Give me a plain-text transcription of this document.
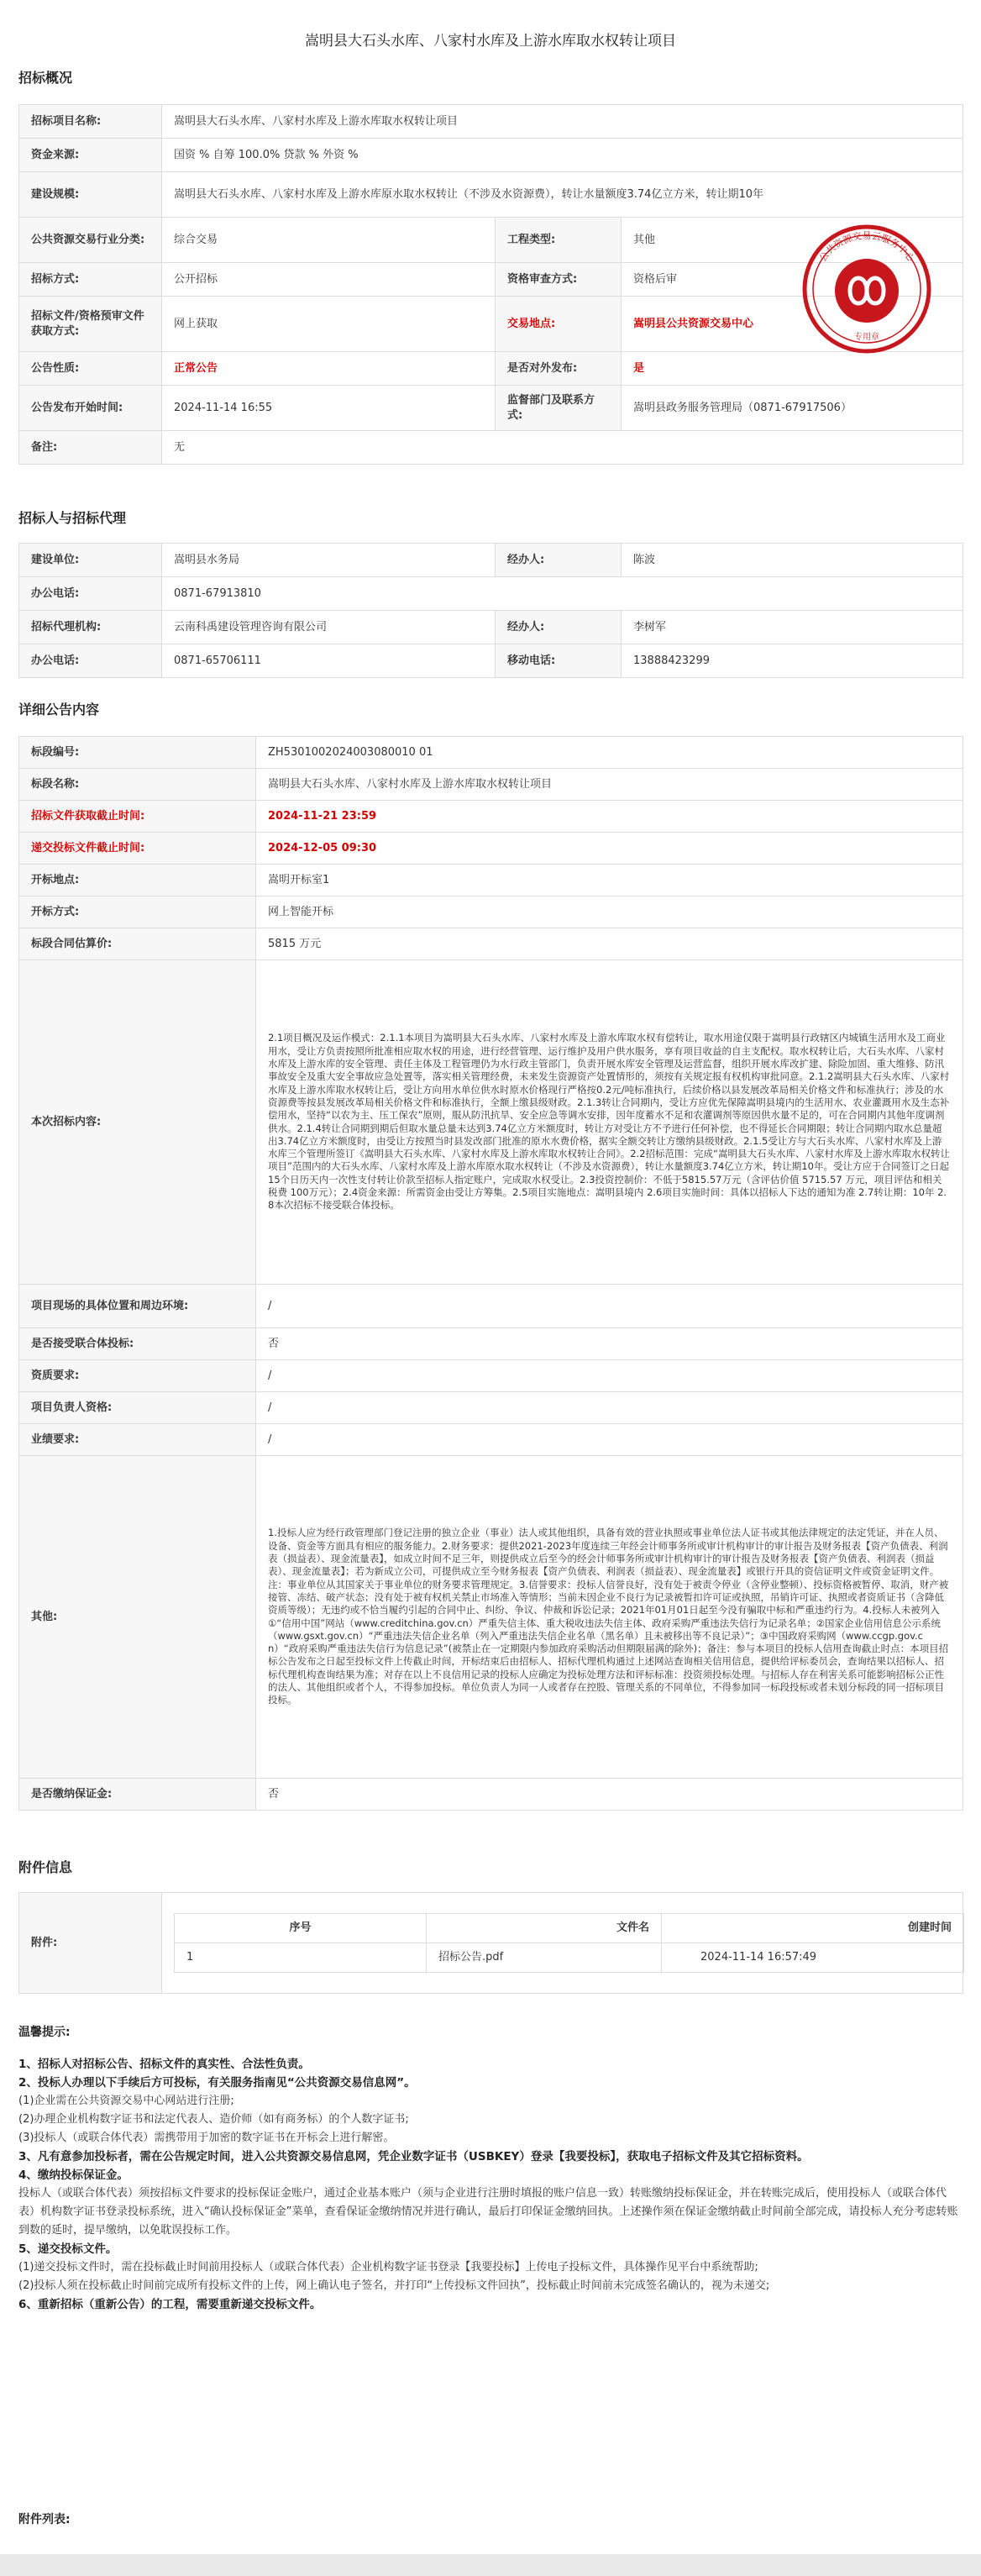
嵩明县大石头水库、八家村水库及上游水库取水权转让项目
招标概况
招标项目名称:	嵩明县大石头水库、八家村水库及上游水库取水权转让项目		
资金来源:	国资 % 自筹 100.0% 贷款 % 外资 %		
建设规模:	嵩明县大石头水库、八家村水库及上游水库原水取水权转让（不涉及水资源费），转让水量额度3.74亿立方米，转让期10年		
公共资源交易行业分类:	综合交易	工程类型:	其他
招标方式:	公开招标	资格审查方式:	资格后审
招标文件/资格预审文件获取方式:	网上获取	交易地点:	嵩明县公共资源交易中心
公告性质:	正常公告	是否对外发布:	是
公告发布开始时间:	2024-11-14 16:55	监督部门及联系方式:	嵩明县政务服务管理局（0871-67917506）
备注:	无		
招标人与招标代理
建设单位:	嵩明县水务局	经办人:	陈波
办公电话:	0871-67913810		
招标代理机构:	云南科禹建设管理咨询有限公司	经办人:	李树军
办公电话:	0871-65706111	移动电话:	13888423299
详细公告内容
标段编号:	ZH5301002024003080010 01
标段名称:	嵩明县大石头水库、八家村水库及上游水库取水权转让项目
招标文件获取截止时间:	2024-11-21 23:59
递交投标文件截止时间:	2024-12-05 09:30
开标地点:	嵩明开标室1
开标方式:	网上智能开标
标段合同估算价:	5815 万元
本次招标内容:	2.1项目概况及运作模式：2.1.1本项目为嵩明县大石头水库、八家村水库及上游水库取水权有偿转让，取水用途仅限于嵩明县行政辖区内城镇生活用水及工商业用水，受让方负责按照所批准相应取水权的用途，进行经营管理、运行维护及用户供水服务，享有项目收益的自主支配权。取水权转让后，大石头水库、八家村水库及上游水库的安全管理、责任主体及工程管理仍为水行政主管部门，负责开展水库安全管理及运营监督，组织开展水库改扩建、除险加固、重大维修、防汛事故安全及重大安全事故应急处置等，落实相关管理经费，未来发生资源资产处置情形的，须按有关规定报有权机构审批同意。2.1.2嵩明县大石头水库、八家村水库及上游水库取水权转让后，受让方向用水单位供水时原水价格现行严格按0.2元/吨标准执行，后续价格以县发展改革局相关价格文件和标准执行；涉及的水资源费等按县发展改革局相关价格文件和标准执行，全额上缴县级财政。2.1.3转让合同期内，受让方应优先保障嵩明县境内的生活用水、农业灌溉用水及生态补偿用水，坚持“以农为主、压工保农”原则，服从防汛抗旱、安全应急等调水安排，因年度蓄水不足和农灌调剂等原因供水量不足的，可在合同期内其他年度调剂供水。2.1.4转让合同期到期后但取水量总量未达到3.74亿立方米额度时，转让方对受让方不予进行任何补偿，也不得延长合同期限；转让合同期内取水总量超出3.74亿立方米额度时，由受让方按照当时县发改部门批准的原水水费价格，据实全额交转让方缴纳县级财政。2.1.5受让方与大石头水库、八家村水库及上游水库三个管理所签订《嵩明县大石头水库、八家村水库及上游水库取水权转让合同》。2.2招标范围：完成“嵩明县大石头水库、八家村水库及上游水库取水权转让项目”范围内的大石头水库、八家村水库及上游水库原水取水权转让（不涉及水资源费），转让水量额度3.74亿立方米，转让期10年。受让方应于合同签订之日起15个日历天内一次性支付转让价款至招标人指定账户，完成取水权受让。2.3投资控制价：不低于5815.57万元（含评估价值 5715.57 万元，项目评估和相关税费 100万元）；2.4资金来源：所需资金由受让方筹集。2.5项目实施地点：嵩明县境内 2.6项目实施时间：具体以招标人下达的通知为准 2.7转让期：10年 2.8本次招标不接受联合体投标。
项目现场的具体位置和周边环境:	/
是否接受联合体投标:	否
资质要求:	/
项目负责人资格:	/
业绩要求:	/
其他:	1.投标人应为经行政管理部门登记注册的独立企业（事业）法人或其他组织，具备有效的营业执照或事业单位法人证书或其他法律规定的法定凭证，并在人员、设备、资金等方面具有相应的服务能力。2.财务要求：提供2021-2023年度连续三年经会计师事务所或审计机构审计的审计报告及财务报表【资产负债表、利润表（损益表）、现金流量表】，如成立时间不足三年，则提供成立后至今的经会计师事务所或审计机构审计的审计报告及财务报表【资产负债表、利润表（损益表）、现金流量表】；若为新成立公司，可提供成立至今财务报表【资产负债表、利润表（损益表）、现金流量表】或银行开具的资信证明文件或资金证明文件。注：事业单位从其国家关于事业单位的财务要求管理规定。3.信誉要求：投标人信誉良好，没有处于被责令停业（含停业整顿）、投标资格被暂停、取消，财产被接管、冻结、破产状态；没有处于被有权机关禁止市场准入等情形；当前未因企业不良行为记录被暂扣许可证或执照，吊销许可证、执照或者资质证书（含降低资质等级）；无违约或不恰当履约引起的合同中止、纠纷、争议、仲裁和诉讼记录；2021年01月01日起至今没有骗取中标和严重违约行为。4.投标人未被列入①“信用中国”网站（www.creditchina.gov.cn）严重失信主体、重大税收违法失信主体、政府采购严重违法失信行为记录名单；②国家企业信用信息公示系统（www.gsxt.gov.cn）“严重违法失信企业名单（列入严重违法失信企业名单（黑名单）且未被移出等不良记录）”；③中国政府采购网（www.ccgp.gov.cn）“政府采购严重违法失信行为信息记录”(被禁止在一定期限内参加政府采购活动但期限届满的除外)；备注：参与本项目的投标人信用查询截止时点：本项目招标公告发布之日起至投标文件上传截止时间，开标结束后由招标人、招标代理机构通过上述网站查询相关信用信息，提供给评标委员会，查询结果以招标人、招标代理机构查询结果为准；对存在以上不良信用记录的投标人应确定为投标处理方法和评标标准：投资须投标处理。与招标人存在利害关系可能影响招标公正性的法人、其他组织或者个人，不得参加投标。单位负责人为同一人或者存在控股、管理关系的不同单位，不得参加同一标段投标或者未划分标段的同一招标项目投标。
是否缴纳保证金:	否
附件信息
附件:	
序号	文件名	创建时间
1	招标公告.pdf	2024-11-14 16:57:49
温馨提示:

1、招标人对招标公告、招标文件的真实性、合法性负责。

2、投标人办理以下手续后方可投标，有关服务指南见“公共资源交易信息网”。

(1)企业需在公共资源交易中心网站进行注册;

(2)办理企业机构数字证书和法定代表人、造价师（如有商务标）的个人数字证书;

(3)投标人（或联合体代表）需携带用于加密的数字证书在开标会上进行解密。

3、凡有意参加投标者，需在公告规定时间，进入公共资源交易信息网，凭企业数字证书（USBKEY）登录【我要投标】，获取电子招标文件及其它招标资料。

4、缴纳投标保证金。

投标人（或联合体代表）须按招标文件要求的投标保证金账户，通过企业基本账户（须与企业进行注册时填报的账户信息一致）转账缴纳投标保证金，并在转账完成后，使用投标人（或联合体代表）机构数字证书登录投标系统，进入“确认投标保证金”菜单，查看保证金缴纳情况并进行确认，最后打印保证金缴纳回执。上述操作须在保证金缴纳截止时间前全部完成，请投标人充分考虑转账到数的延时，提早缴纳，以免耽误投标工作。

5、递交投标文件。

(1)递交投标文件时，需在投标截止时间前用投标人（或联合体代表）企业机构数字证书登录【我要投标】上传电子投标文件，具体操作见平台中系统帮助;

(2)投标人须在投标截止时间前完成所有投标文件的上传，网上确认电子签名，并打印“上传投标文件回执”，投标截止时间前未完成签名确认的，视为未递交;

6、重新招标（重新公告）的工程，需要重新递交投标文件。

附件列表:
公共资源交易云服务中心
专用章
